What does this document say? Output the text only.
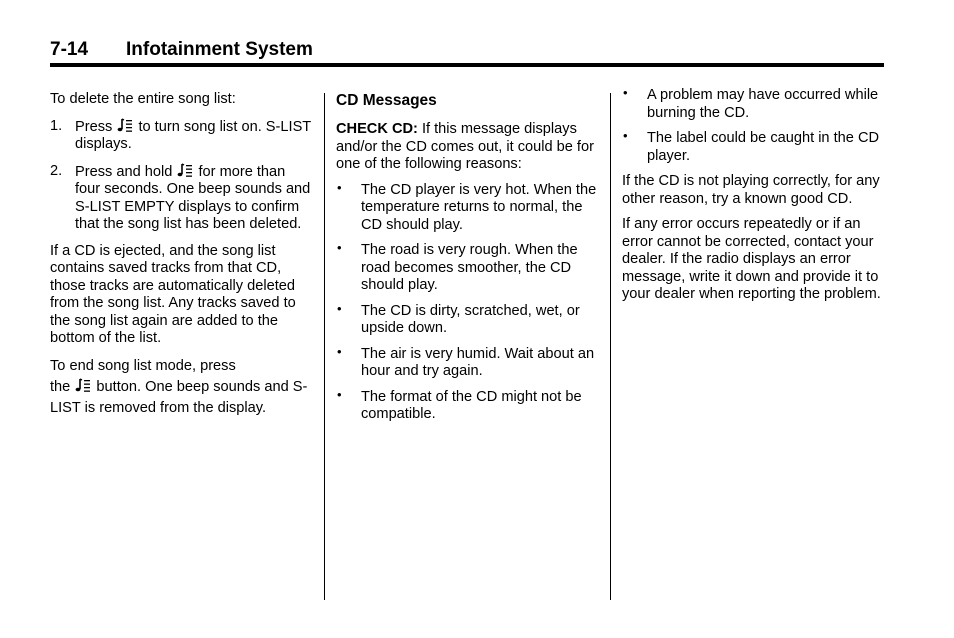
7-14 Infotainment System

To delete the entire song list:

1. Press to turn song list on. S-LIST displays.
2. Press and hold for more than four seconds. One beep sounds and S-LIST EMPTY displays to confirm that the song list has been deleted.

If a CD is ejected, and the song list contains saved tracks from that CD, those tracks are automatically deleted from the song list. Any tracks saved to the song list again are added to the bottom of the list.

To end song list mode, press
the button. One beep sounds and S-LIST is removed from the display.

CD Messages

CHECK CD: If this message displays and/or the CD comes out, it could be for one of the following reasons:

• The CD player is very hot. When the temperature returns to normal, the CD should play.
• The road is very rough. When the road becomes smoother, the CD should play.
• The CD is dirty, scratched, wet, or upside down.
• The air is very humid. Wait about an hour and try again.
• The format of the CD might not be compatible.
• A problem may have occurred while burning the CD.
• The label could be caught in the CD player.

If the CD is not playing correctly, for any other reason, try a known good CD.

If any error occurs repeatedly or if an error cannot be corrected, contact your dealer. If the radio displays an error message, write it down and provide it to your dealer when reporting the problem.
